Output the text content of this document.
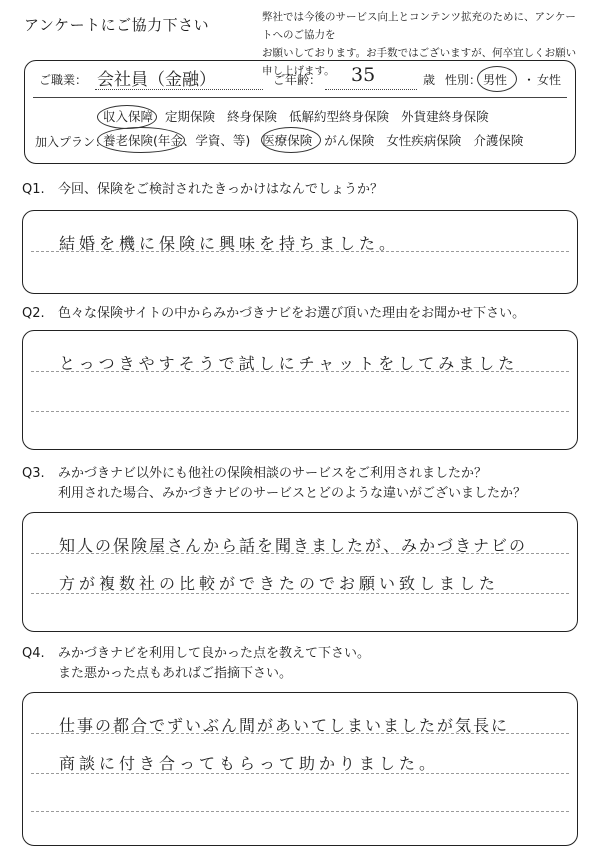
アンケートにご協力下さい	弊社では今後のサービス向上とコンテンツ拡充のために、アンケートへのご協力を
お願いしております。お手数ではございますが、何卒宜しくお願い申し上げます。
ご職業： 会社員（金融）	ご年齢： 35	歳 性別： 男性 ・ 女性
加入プラン：
収入保障 定期保険 終身保険 低解約型終身保険 外貨建終身保険
養老保険(年金、学資、等) 医療保険 がん保険 女性疾病保険 介護保険
Q1. 今回、保険をご検討されたきっかけはなんでしょうか？
結婚を機に保険に興味を持ちました。
Q2. 色々な保険サイトの中からみかづきナビをお選び頂いた理由をお聞かせ下さい。
とっつきやすそうで試しにチャットをしてみました
Q3. みかづきナビ以外にも他社の保険相談のサービスをご利用されましたか？
利用された場合、みかづきナビのサービスとどのような違いがございましたか？
知人の保険屋さんから話を聞きましたが、みかづきナビの
方が複数社の比較ができたのでお願い致しました
Q4. みかづきナビを利用して良かった点を教えて下さい。
また悪かった点もあればご指摘下さい。
仕事の都合でずいぶん間があいてしまいましたが気長に
商談に付き合ってもらって助かりました。
